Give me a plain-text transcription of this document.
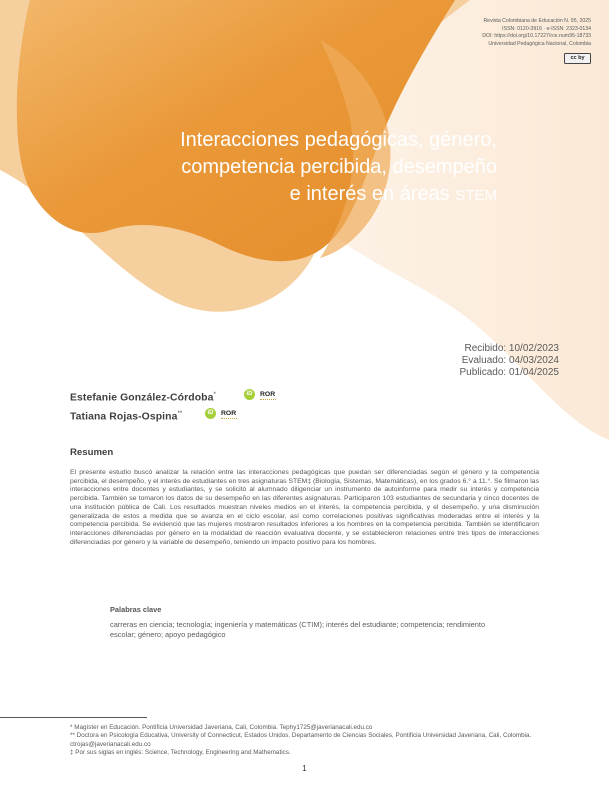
Revista Colombiana de Educación N. 95, 2025
ISSN: 0120-3916 · e-ISSN: 2323-0134
DOI: https://doi.org/10.17227/rce.num95-18733
Universidad Pedagógica Nacional, Colombia
cc by
Interacciones pedagógicas, género,
competencia percibida, desempeño
e interés en áreas STEM
Recibido: 10/02/2023
Evaluado: 04/03/2024
Publicado: 01/04/2025
Estefanie González-Córdoba*	iD	ROR
Tatiana Rojas-Ospina**	iD	ROR
Resumen
El presente estudio buscó analizar la relación entre las interacciones pedagógicas que puedan ser diferenciadas según el género y la competencia percibida, el desempeño, y el interés de estudiantes en tres asignaturas STEM‡ (Biología, Sistemas, Matemáticas), en los grados 6.° a 11.°. Se filmaron las interacciones entre docentes y estudiantes, y se solicitó al alumnado diligenciar un instrumento de autoinforme para medir su interés y competencia percibida. También se tomaron los datos de su desempeño en las diferentes asignaturas. Participaron 103 estudiantes de secundaria y cinco docentes de una institución pública de Cali. Los resultados muestran niveles medios en el interés, la competencia percibida, y el desempeño, y una disminución generalizada de estos a medida que se avanza en el ciclo escolar, así como correlaciones positivas significativas moderadas entre el interés y la competencia percibida. Se evidenció que las mujeres mostraron resultados inferiores a los hombres en la competencia percibida. También se identificaron interacciones diferenciadas por género en la modalidad de reacción evaluativa docente, y se establecieron relaciones entre tres tipos de interacciones diferenciadas por género y la variable de desempeño, teniendo un impacto positivo para los hombres.
Palabras clave
carreras en ciencia; tecnología; ingeniería y matemáticas (CTIM); interés del estudiante; competencia; rendimiento escolar; género; apoyo pedagógico
* Magíster en Educación. Pontificia Universidad Javeriana, Cali, Colombia. Tephy1725@javerianacali.edu.co
** Doctora en Psicología Educativa, University of Connecticut, Estados Unidos. Departamento de Ciencias Sociales, Pontificia Universidad Javeriana, Cali, Colombia. ctrojas@javerianacali.edu.co
‡ Por sus siglas en inglés: Science, Technology, Engineering and Mathematics.
1
